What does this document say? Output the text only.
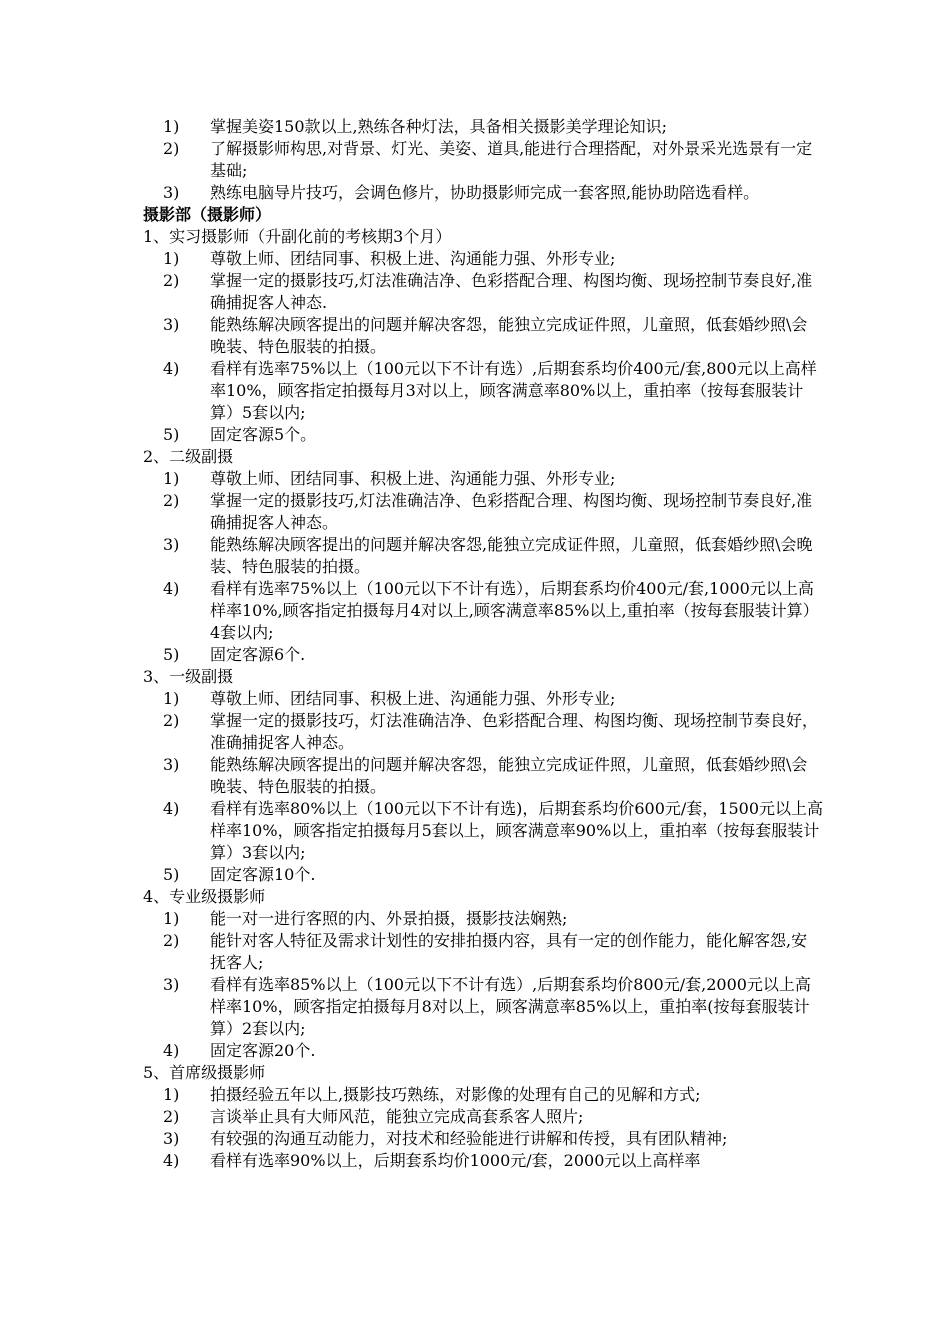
1) 掌握美姿150款以上,熟练各种灯法，具备相关摄影美学理论知识;
2) 了解摄影师构思,对背景、灯光、美姿、道具,能进行合理搭配，对外景采光选景有一定基础;
3) 熟练电脑导片技巧，会调色修片，协助摄影师完成一套客照,能协助陪选看样。

摄影部（摄影师）

1、实习摄影师（升副化前的考核期3个月）

1) 尊敬上师、团结同事、积极上进、沟通能力强、外形专业;
2) 掌握一定的摄影技巧,灯法准确洁净、色彩搭配合理、构图均衡、现场控制节奏良好,准确捕捉客人神态.
3) 能熟练解决顾客提出的问题并解决客怨，能独立完成证件照，儿童照，低套婚纱照\会晚装、特色服装的拍摄。
4) 看样有选率75%以上（100元以下不计有选）,后期套系均价400元/套,800元以上高样率10%，顾客指定拍摄每月3对以上，顾客满意率80%以上，重拍率（按每套服装计算）5套以内;
5) 固定客源5个。

2、二级副摄

1) 尊敬上师、团结同事、积极上进、沟通能力强、外形专业;
2) 掌握一定的摄影技巧,灯法准确洁净、色彩搭配合理、构图均衡、现场控制节奏良好,准确捕捉客人神态。
3) 能熟练解决顾客提出的问题并解决客怨,能独立完成证件照，儿童照，低套婚纱照\会晚装、特色服装的拍摄。
4) 看样有选率75%以上（100元以下不计有选），后期套系均价400元/套,1000元以上高样率10%,顾客指定拍摄每月4对以上,顾客满意率85%以上,重拍率（按每套服装计算）4套以内;
5) 固定客源6个.

3、一级副摄

1) 尊敬上师、团结同事、积极上进、沟通能力强、外形专业;
2) 掌握一定的摄影技巧，灯法准确洁净、色彩搭配合理、构图均衡、现场控制节奏良好，准确捕捉客人神态。
3) 能熟练解决顾客提出的问题并解决客怨，能独立完成证件照，儿童照，低套婚纱照\会晚装、特色服装的拍摄。
4) 看样有选率80%以上（100元以下不计有选)，后期套系均价600元/套，1500元以上高样率10%，顾客指定拍摄每月5套以上，顾客满意率90%以上，重拍率（按每套服装计算）3套以内;
5) 固定客源10个.

4、专业级摄影师

1) 能一对一进行客照的内、外景拍摄，摄影技法娴熟;
2) 能针对客人特征及需求计划性的安排拍摄内容，具有一定的创作能力，能化解客怨,安抚客人;
3) 看样有选率85%以上（100元以下不计有选）,后期套系均价800元/套,2000元以上高样率10%，顾客指定拍摄每月8对以上，顾客满意率85%以上，重拍率(按每套服装计算）2套以内;
4) 固定客源20个.

5、首席级摄影师

1) 拍摄经验五年以上,摄影技巧熟练，对影像的处理有自己的见解和方式;
2) 言谈举止具有大师风范，能独立完成高套系客人照片;
3) 有较强的沟通互动能力，对技术和经验能进行讲解和传授，具有团队精神;
4) 看样有选率90%以上，后期套系均价1000元/套，2000元以上高样率
